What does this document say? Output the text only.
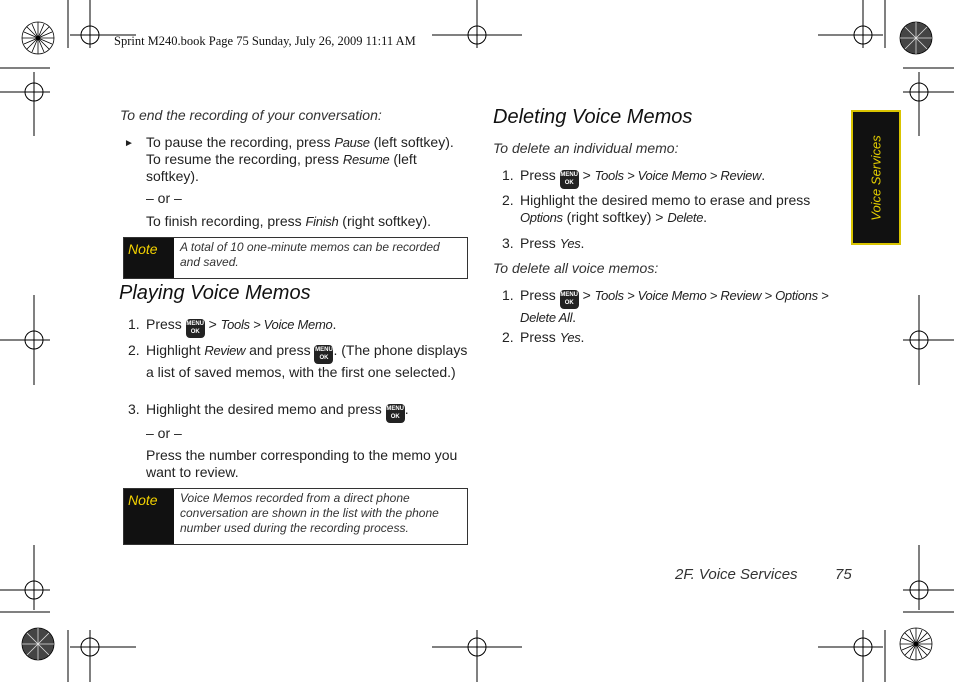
Sprint M240.book Page 75 Sunday, July 26, 2009 11:11 AM
To end the recording of your conversation:
► To pause the recording, press Pause (left softkey). To resume the recording, press Resume (left softkey).
– or –
To finish recording, press Finish (right softkey).
Note	A total of 10 one-minute memos can be recorded and saved.
Playing Voice Memos
1. Press MENU
OK > Tools > Voice Memo.
2. Highlight Review and press MENU
OK . (The phone displays a list of saved memos, with the first one selected.)
3. Highlight the desired memo and press MENU
OK .
– or –
Press the number corresponding to the memo you want to review.
Note	Voice Memos recorded from a direct phone conversation are shown in the list with the phone number used during the recording process.
Deleting Voice Memos
To delete an individual memo:
1. Press MENU
OK > Tools > Voice Memo > Review.
2. Highlight the desired memo to erase and press Options (right softkey) > Delete.
3. Press Yes.
To delete all voice memos:
1. Press MENU
OK > Tools > Voice Memo > Review > Options > Delete All.
2. Press Yes.
Voice Services
2F. Voice Services 75
